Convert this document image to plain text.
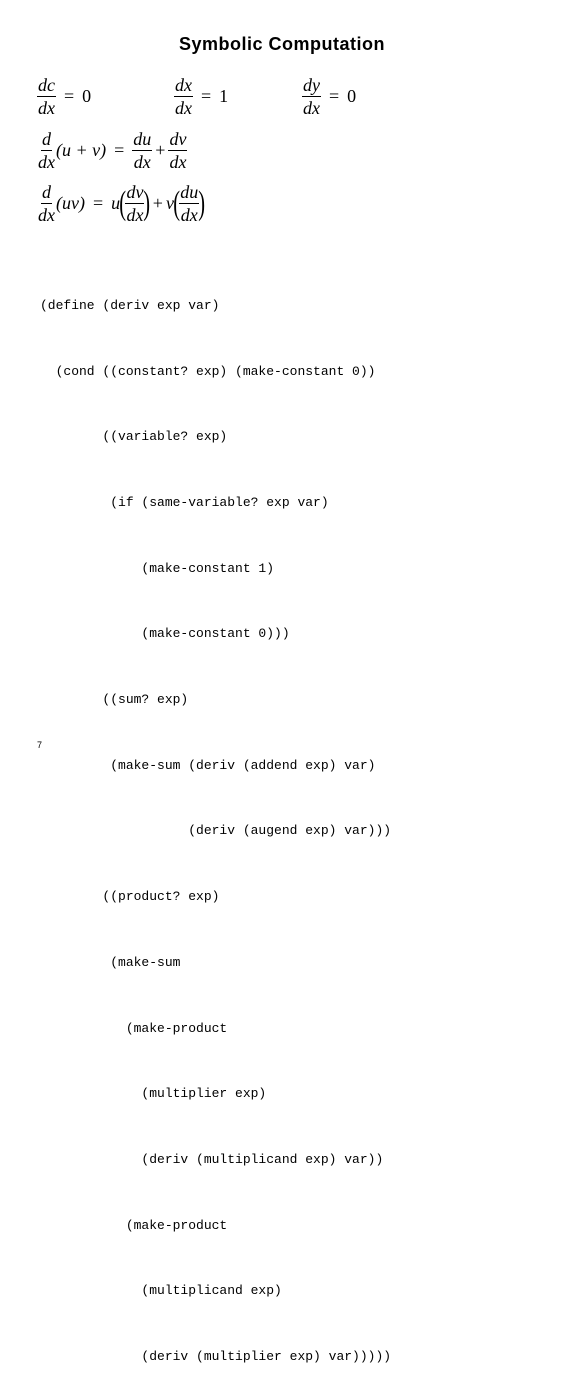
Symbolic Computation
$\frac{dc}{dx} = 0$	$\frac{dx}{dx} = 1$	$\frac{dy}{dx} = 0$
$\frac{d}{dx} (u + v) = \frac{du}{dx} + \frac{dv}{dx}$
$\frac{d}{dx} (uv) = u$ ( $\frac{dv}{dx}$ ) + v ( $\frac{du}{dx}$ )

(define (deriv exp var)

(cond ((constant? exp) (make-constant 0))

((variable? exp)

(if (same-variable? exp var)

(make-constant 1)

(make-constant 0)))

((sum? exp)

(make-sum (deriv (addend exp) var)

(deriv (augend exp) var)))

((product? exp)

(make-sum

(make-product

(multiplier exp)

(deriv (multiplicand exp) var))

(make-product

(multiplicand exp)

(deriv (multiplier exp) var)))))

7
